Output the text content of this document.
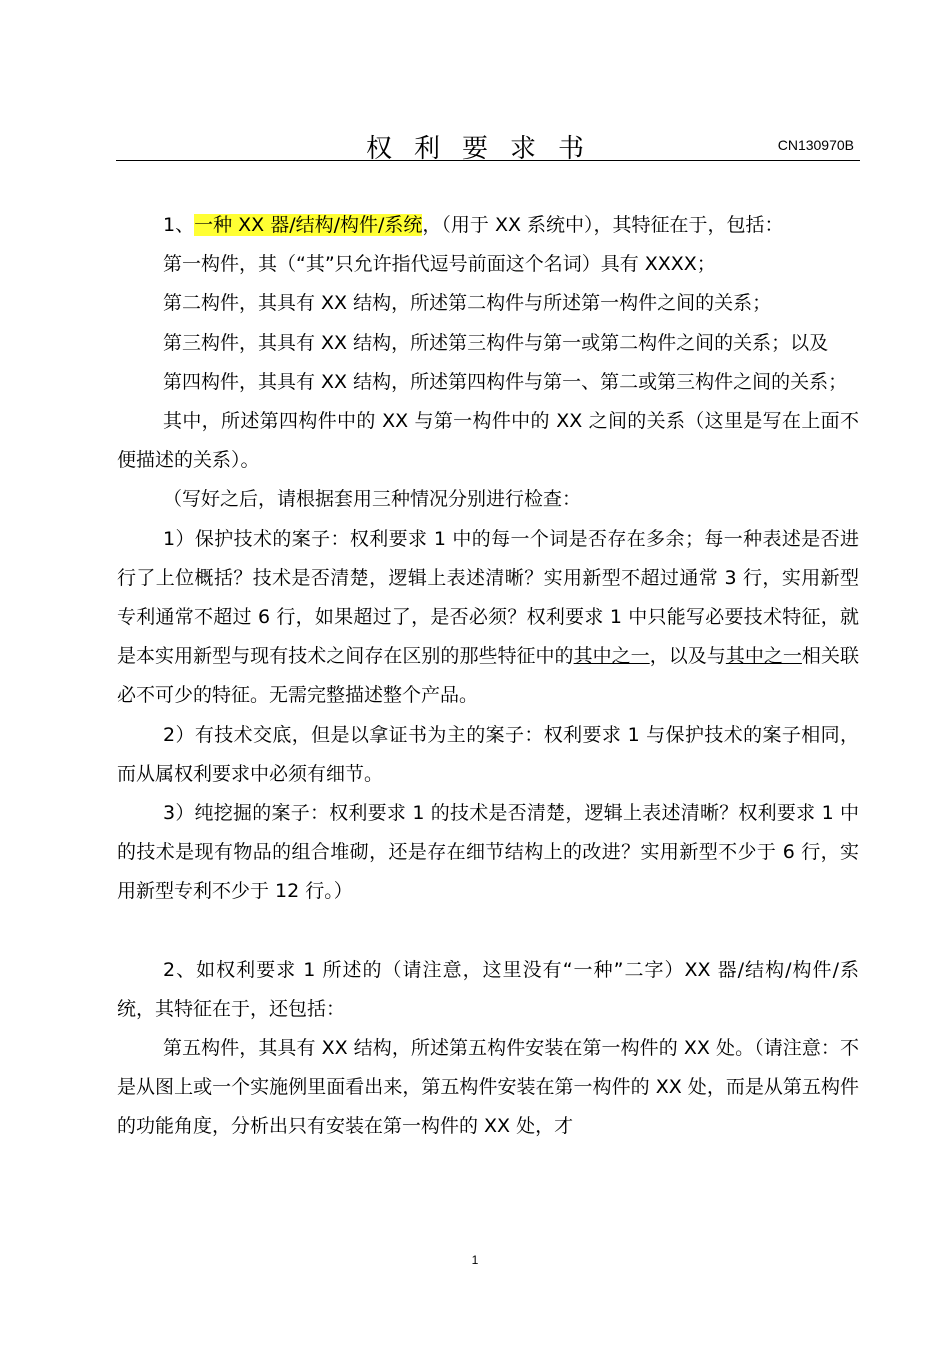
权利要求书	CN130970B

1、一种 XX 器/结构/构件/系统，（用于 XX 系统中），其特征在于，包括：

第一构件，其（“其”只允许指代逗号前面这个名词）具有 XXXX；

第二构件，其具有 XX 结构，所述第二构件与所述第一构件之间的关系；

第三构件，其具有 XX 结构，所述第三构件与第一或第二构件之间的关系；以及

第四构件，其具有 XX 结构，所述第四构件与第一、第二或第三构件之间的关系；

其中，所述第四构件中的 XX 与第一构件中的 XX 之间的关系（这里是写在上面不便描述的关系）。

（写好之后，请根据套用三种情况分别进行检查：

1）保护技术的案子：权利要求 1 中的每一个词是否存在多余；每一种表述是否进行了上位概括？技术是否清楚，逻辑上表述清晰？实用新型不超过通常 3 行，实用新型专利通常不超过 6 行，如果超过了，是否必须？权利要求 1 中只能写必要技术特征，就是本实用新型与现有技术之间存在区别的那些特征中的其中之一，以及与其中之一相关联必不可少的特征。无需完整描述整个产品。

2）有技术交底，但是以拿证书为主的案子：权利要求 1 与保护技术的案子相同，而从属权利要求中必须有细节。

3）纯挖掘的案子：权利要求 1 的技术是否清楚，逻辑上表述清晰？权利要求 1 中的技术是现有物品的组合堆砌，还是存在细节结构上的改进？实用新型不少于 6 行，实用新型专利不少于 12 行。）

2、如权利要求 1 所述的（请注意，这里没有“一种”二字）XX 器/结构/构件/系统，其特征在于，还包括：

第五构件，其具有 XX 结构，所述第五构件安装在第一构件的 XX 处。（请注意：不是从图上或一个实施例里面看出来，第五构件安装在第一构件的 XX 处，而是从第五构件的功能角度，分析出只有安装在第一构件的 XX 处，才

1
